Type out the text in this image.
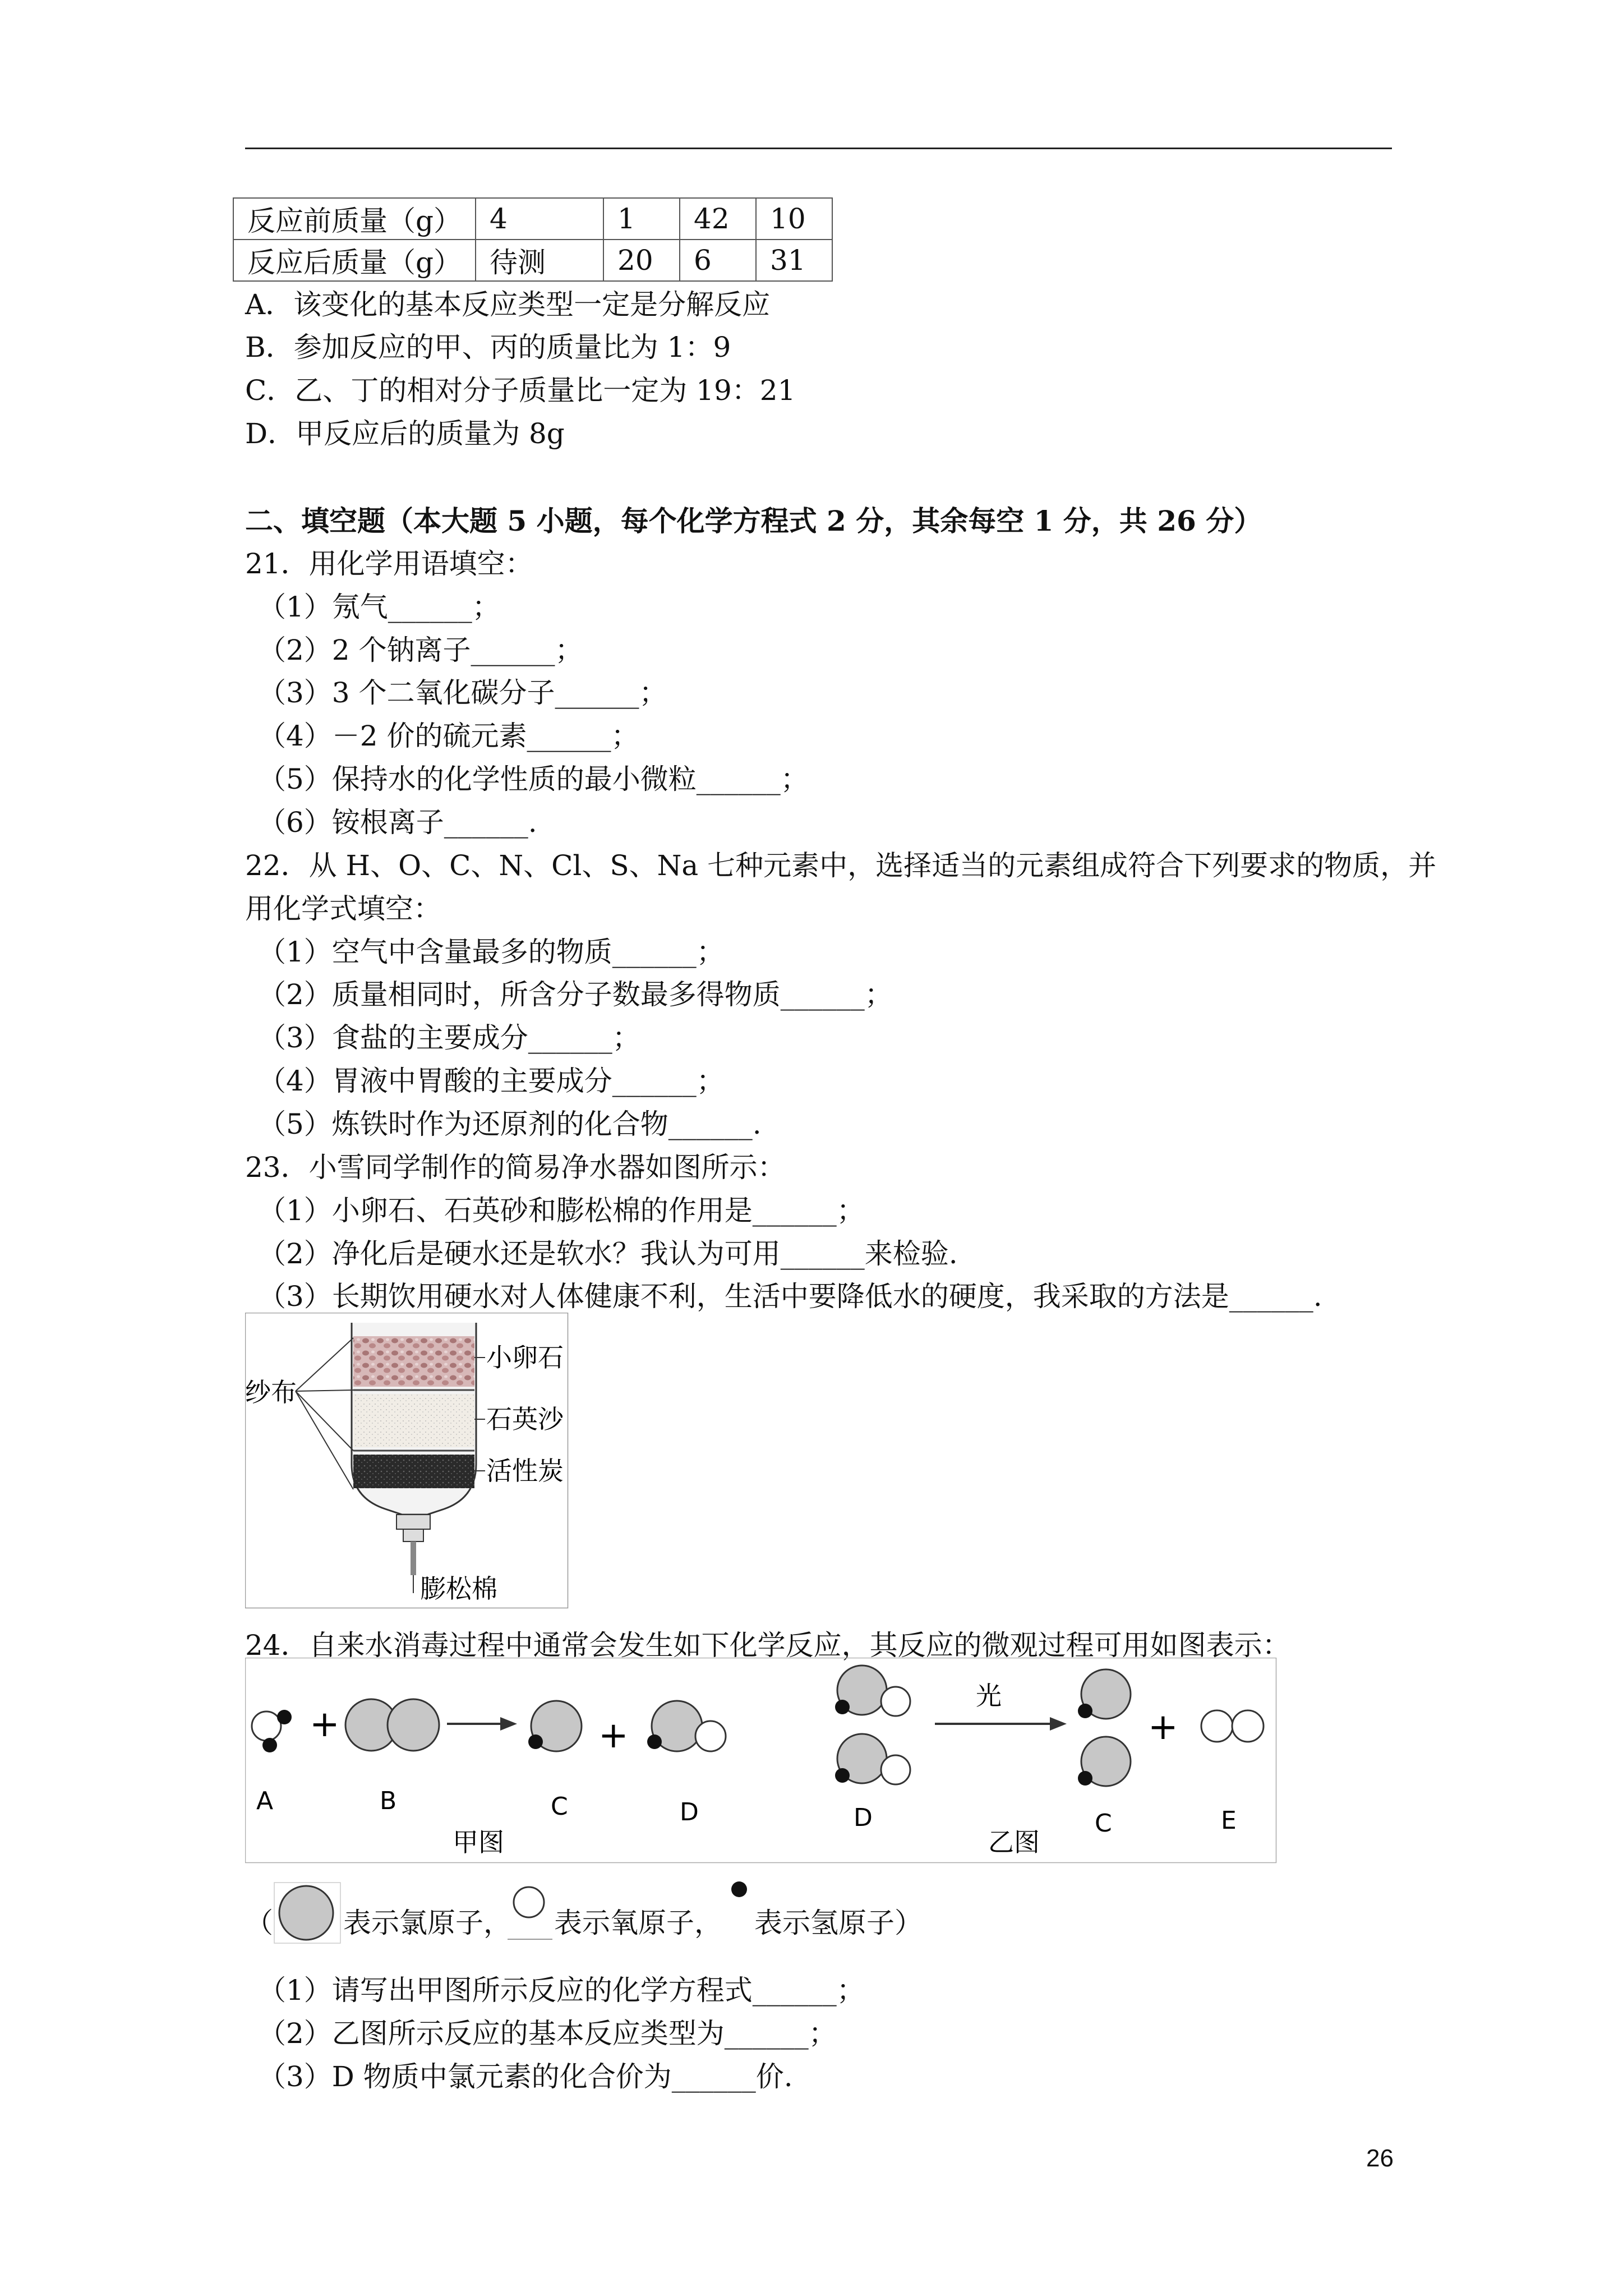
反应前质量（g）	4	1	42	10
反应后质量（g）	待测	20	6	31
A．该变化的基本反应类型一定是分解反应
B．参加反应的甲、丙的质量比为 1：9
C．乙、丁的相对分子质量比一定为 19：21
D．甲反应后的质量为 8g
二、填空题（本大题 5 小题，每个化学方程式 2 分，其余每空 1 分，共 26 分）
21．用化学用语填空：
（1）氖气______；
（2）2 个钠离子______；
（3）3 个二氧化碳分子______；
（4）－2 价的硫元素______；
（5）保持水的化学性质的最小微粒______；
（6）铵根离子______.
22．从 H、O、C、N、Cl、S、Na 七种元素中，选择适当的元素组成符合下列要求的物质，并
用化学式填空：
（1）空气中含量最多的物质______；
（2）质量相同时，所含分子数最多得物质______；
（3）食盐的主要成分______；
（4）胃液中胃酸的主要成分______；
（5）炼铁时作为还原剂的化合物______.
23．小雪同学制作的简易净水器如图所示：
（1）小卵石、石英砂和膨松棉的作用是______；
（2）净化后是硬水还是软水？我认为可用______来检验.
（3）长期饮用硬水对人体健康不利，生活中要降低水的硬度，我采取的方法是______.
纱布
小卵石
石英沙
活性炭
膨松棉
24．自来水消毒过程中通常会发生如下化学反应，其反应的微观过程可用如图表示：
+	+
A	B	C	D
甲图
光
+
D
乙图
C	E
（	表示氯原子， 表示氧原子， 表示氢原子）
（1）请写出甲图所示反应的化学方程式______；
（2）乙图所示反应的基本反应类型为______；
（3）D 物质中氯元素的化合价为______价.
26
